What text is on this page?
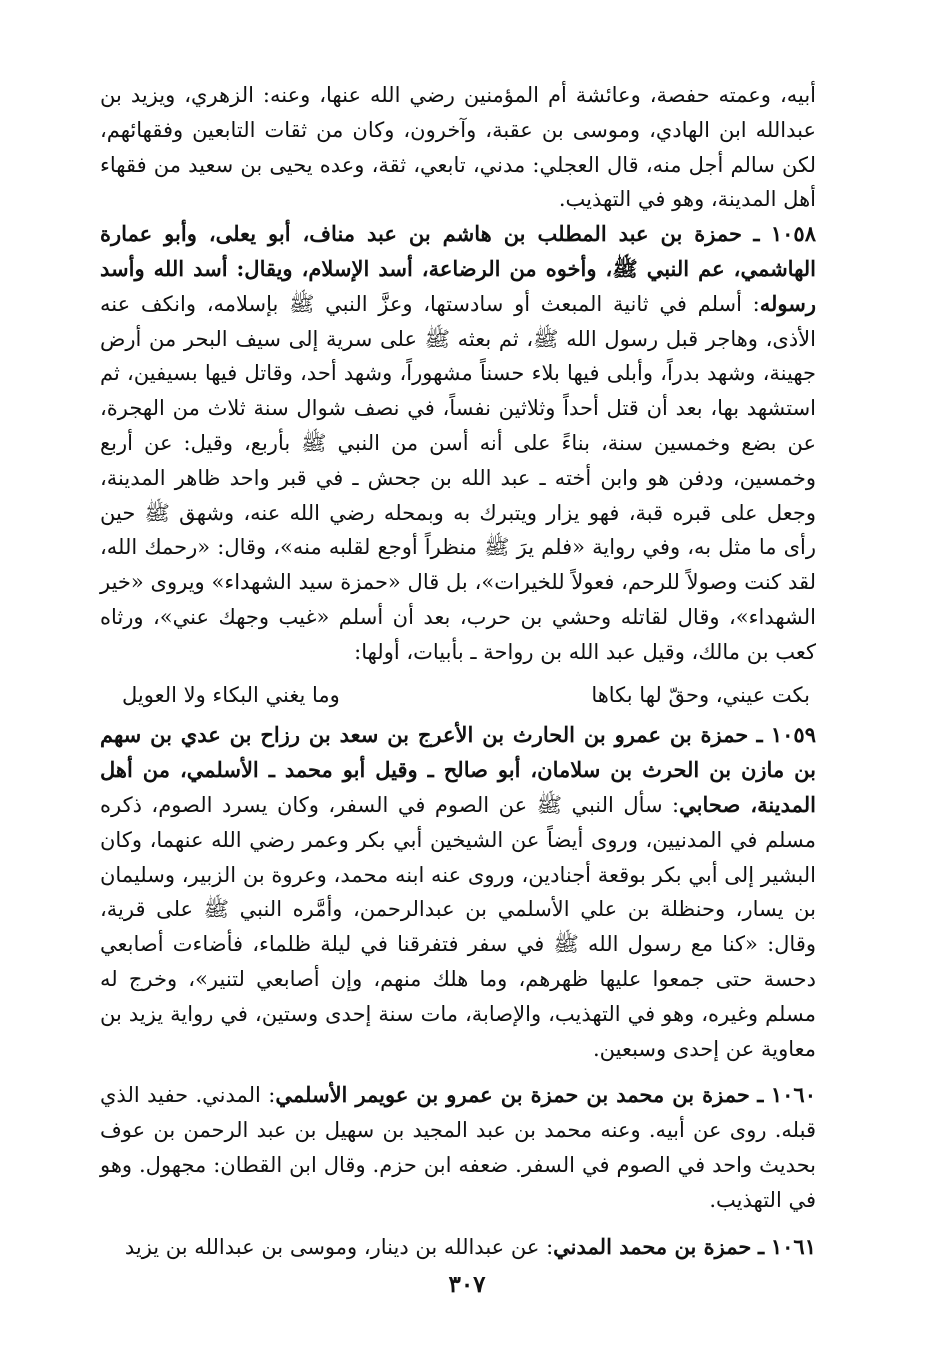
أبيه، وعمته حفصة، وعائشة أم المؤمنين رضي الله عنها، وعنه: الزهري، ويزيد بن عبدالله ابن الهادي، وموسى بن عقبة، وآخرون، وكان من ثقات التابعين وفقهائهم، لكن سالم أجل منه، قال العجلي: مدني، تابعي، ثقة، وعده يحيى بن سعيد من فقهاء أهل المدينة، وهو في التهذيب.

١٠٥٨ ـ حمزة بن عبد المطلب بن هاشم بن عبد مناف، أبو يعلى، وأبو عمارة الهاشمي، عم النبي ﷺ، وأخوه من الرضاعة، أسد الإسلام، ويقال: أسد الله وأسد رسوله: أسلم في ثانية المبعث أو سادستها، وعزَّ النبي ﷺ بإسلامه، وانكف عنه الأذى، وهاجر قبل رسول الله ﷺ، ثم بعثه ﷺ على سرية إلى سيف البحر من أرض جهينة، وشهد بدراً، وأبلى فيها بلاء حسناً مشهوراً، وشهد أحد، وقاتل فيها بسيفين، ثم استشهد بها، بعد أن قتل أحداً وثلاثين نفساً، في نصف شوال سنة ثلاث من الهجرة، عن بضع وخمسين سنة، بناءً على أنه أسن من النبي ﷺ بأربع، وقيل: عن أربع وخمسين، ودفن هو وابن أخته ـ عبد الله بن جحش ـ في قبر واحد ظاهر المدينة، وجعل على قبره قبة، فهو يزار ويتبرك به وبمحله رضي الله عنه، وشهق ﷺ حين رأى ما مثل به، وفي رواية «فلم يرَ ﷺ منظراً أوجع لقلبه منه»، وقال: «رحمك الله، لقد كنت وصولاً للرحم، فعولاً للخيرات»، بل قال «حمزة سيد الشهداء» ويروى «خير الشهداء»، وقال لقاتله وحشي بن حرب، بعد أن أسلم «غيب وجهك عني»، ورثاه كعب بن مالك، وقيل عبد الله بن رواحة ـ بأبيات، أولها:

بكت عيني، وحقّ لها بكاها
وما يغني البكاء ولا العويل

١٠٥٩ ـ حمزة بن عمرو بن الحارث بن الأعرج بن سعد بن رزاح بن عدي بن سهم بن مازن بن الحرث بن سلامان، أبو صالح ـ وقيل أبو محمد ـ الأسلمي، من أهل المدينة، صحابي: سأل النبي ﷺ عن الصوم في السفر، وكان يسرد الصوم، ذكره مسلم في المدنيين، وروى أيضاً عن الشيخين أبي بكر وعمر رضي الله عنهما، وكان البشير إلى أبي بكر بوقعة أجنادين، وروى عنه ابنه محمد، وعروة بن الزبير، وسليمان بن يسار، وحنظلة بن علي الأسلمي بن عبدالرحمن، وأمَّره النبي ﷺ على قرية، وقال: «كنا مع رسول الله ﷺ في سفر فتفرقنا في ليلة ظلماء، فأضاءت أصابعي دحسة حتى جمعوا عليها ظهرهم، وما هلك منهم، وإن أصابعي لتنير»، وخرج له مسلم وغيره، وهو في التهذيب، والإصابة، مات سنة إحدى وستين، في رواية يزيد بن معاوية عن إحدى وسبعين.

١٠٦٠ ـ حمزة بن محمد بن حمزة بن عمرو بن عويمر الأسلمي: المدني. حفيد الذي قبله. روى عن أبيه. وعنه محمد بن عبد المجيد بن سهيل بن عبد الرحمن بن عوف بحديث واحد في الصوم في السفر. ضعفه ابن حزم. وقال ابن القطان: مجهول. وهو في التهذيب.

١٠٦١ ـ حمزة بن محمد المدني: عن عبدالله بن دينار، وموسى بن عبدالله بن يزيد

٣٠٧
